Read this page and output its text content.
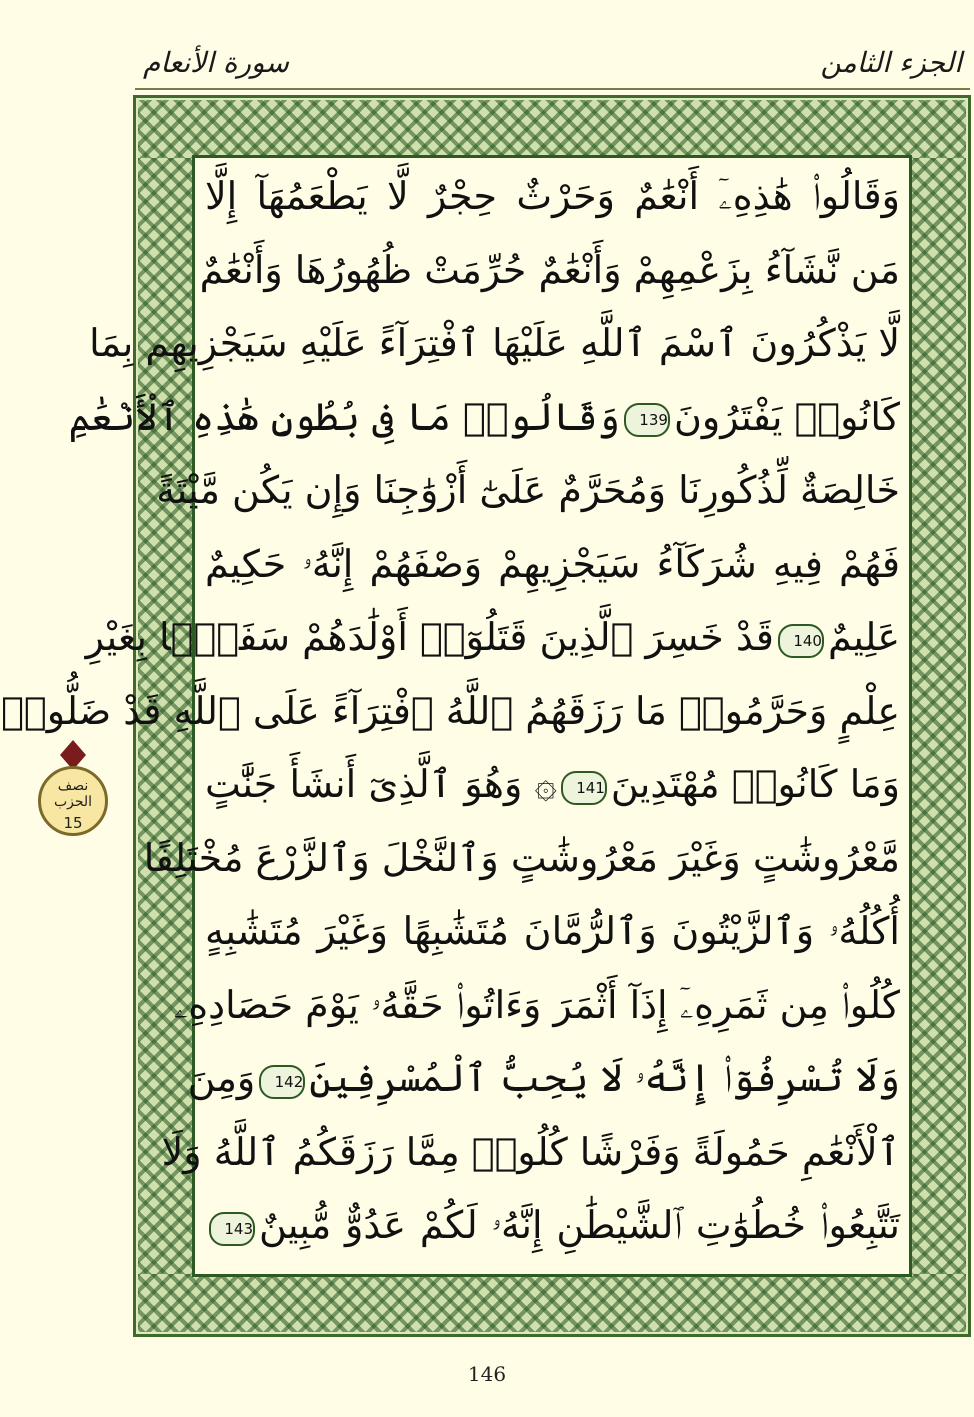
الجزء الثامن
سورة الأنعام
وَقَالُوا۟ هَٰذِهِۦٓ أَنْعَٰمٌ وَحَرْثٌ حِجْرٌ لَّا يَطْعَمُهَآ إِلَّا
مَن نَّشَآءُ بِزَعْمِهِمْ وَأَنْعَٰمٌ حُرِّمَتْ ظُهُورُهَا وَأَنْعَٰمٌ
لَّا يَذْكُرُونَ ٱسْمَ ٱللَّهِ عَلَيْهَا ٱفْتِرَآءً عَلَيْهِ سَيَجْزِيهِم بِمَا
كَانُوا۟ يَفْتَرُونَ139وَقَالُوا۟ مَا فِى بُطُونِ هَٰذِهِ ٱلْأَنْعَٰمِ
خَالِصَةٌ لِّذُكُورِنَا وَمُحَرَّمٌ عَلَىٰٓ أَزْوَٰجِنَا وَإِن يَكُن مَّيْتَةً
فَهُمْ فِيهِ شُرَكَآءُ سَيَجْزِيهِمْ وَصْفَهُمْ إِنَّهُۥ حَكِيمٌ
عَلِيمٌ140قَدْ خَسِرَ ٱلَّذِينَ قَتَلُوٓا۟ أَوْلَٰدَهُمْ سَفَهًۢا بِغَيْرِ
عِلْمٍ وَحَرَّمُوا۟ مَا رَزَقَهُمُ ٱللَّهُ ٱفْتِرَآءً عَلَى ٱللَّهِ قَدْ ضَلُّوا۟
وَمَا كَانُوا۟ مُهْتَدِينَ141۞ وَهُوَ ٱلَّذِىٓ أَنشَأَ جَنَّٰتٍ
مَّعْرُوشَٰتٍ وَغَيْرَ مَعْرُوشَٰتٍ وَٱلنَّخْلَ وَٱلزَّرْعَ مُخْتَلِفًا
أُكُلُهُۥ وَٱلزَّيْتُونَ وَٱلرُّمَّانَ مُتَشَٰبِهًا وَغَيْرَ مُتَشَٰبِهٍ
كُلُوا۟ مِن ثَمَرِهِۦٓ إِذَآ أَثْمَرَ وَءَاتُوا۟ حَقَّهُۥ يَوْمَ حَصَادِهِۦ
وَلَا تُسْرِفُوٓا۟ إِنَّهُۥ لَا يُحِبُّ ٱلْمُسْرِفِينَ142وَمِنَ
ٱلْأَنْعَٰمِ حَمُولَةً وَفَرْشًا كُلُوا۟ مِمَّا رَزَقَكُمُ ٱللَّهُ وَلَا
تَتَّبِعُوا۟ خُطُوَٰتِ ٱلشَّيْطَٰنِ إِنَّهُۥ لَكُمْ عَدُوٌّ مُّبِينٌ143
نصف
الحزب
15
146
